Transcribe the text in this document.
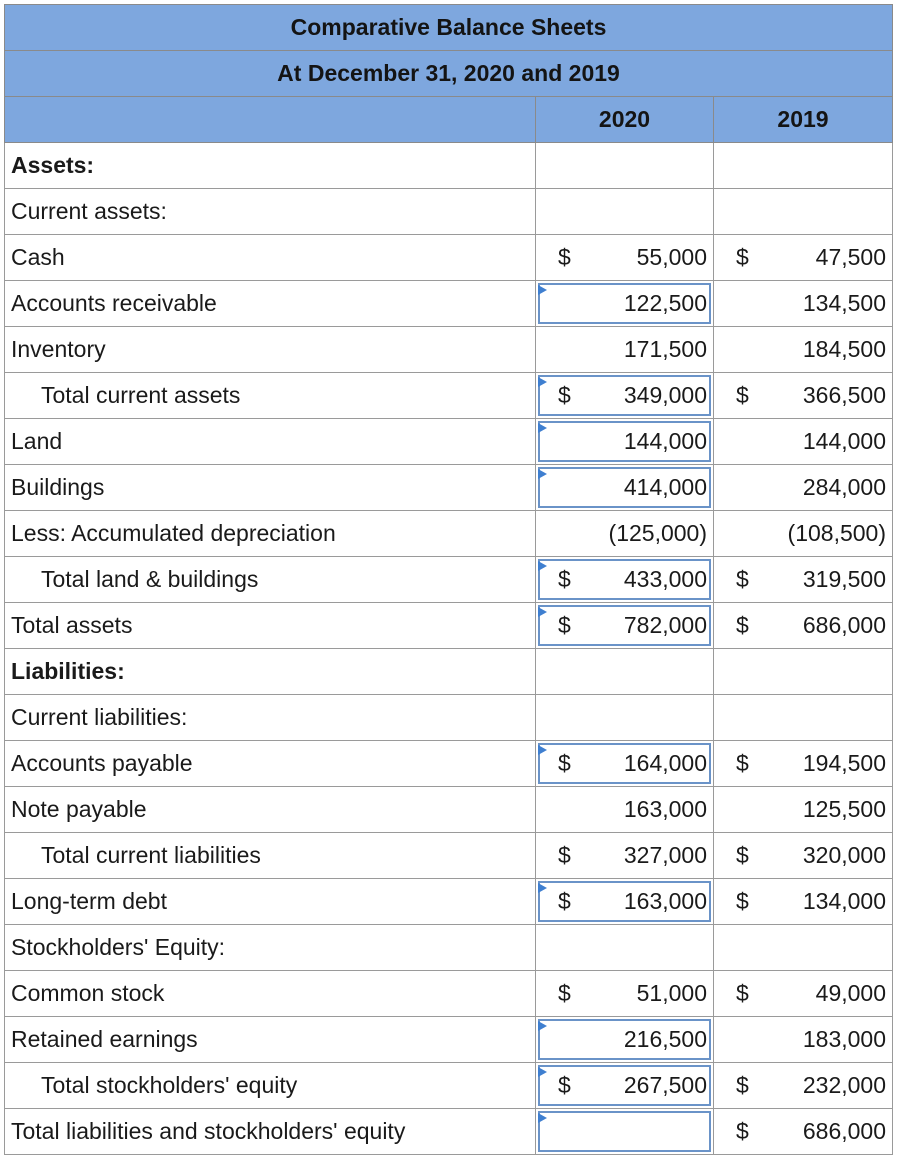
Comparative Balance Sheets		
At December 31, 2020 and 2019		
	2020	2019
Assets:	

Current assets:	

Cash	$ 55,000	$ 47,500

Accounts receivable	122,500	134,500

Inventory	171,500	184,500

Total current assets	$ 349,000	$ 366,500

Land	144,000	144,000

Buildings	414,000	284,000

Less: Accumulated depreciation	(125,000)	(108,500)

Total land & buildings	$ 433,000	$ 319,500

Total assets	$ 782,000	$ 686,000

Liabilities:	

Current liabilities:	

Accounts payable	$ 164,000	$ 194,500

Note payable	163,000	125,500

Total current liabilities	$ 327,000	$ 320,000

Long-term debt	$ 163,000	$ 134,000

Stockholders' Equity:	

Common stock	$ 51,000	$ 49,000

Retained earnings	216,500	183,000

Total stockholders' equity	$ 267,500	$ 232,000

Total liabilities and stockholders' equity		$ 686,000
